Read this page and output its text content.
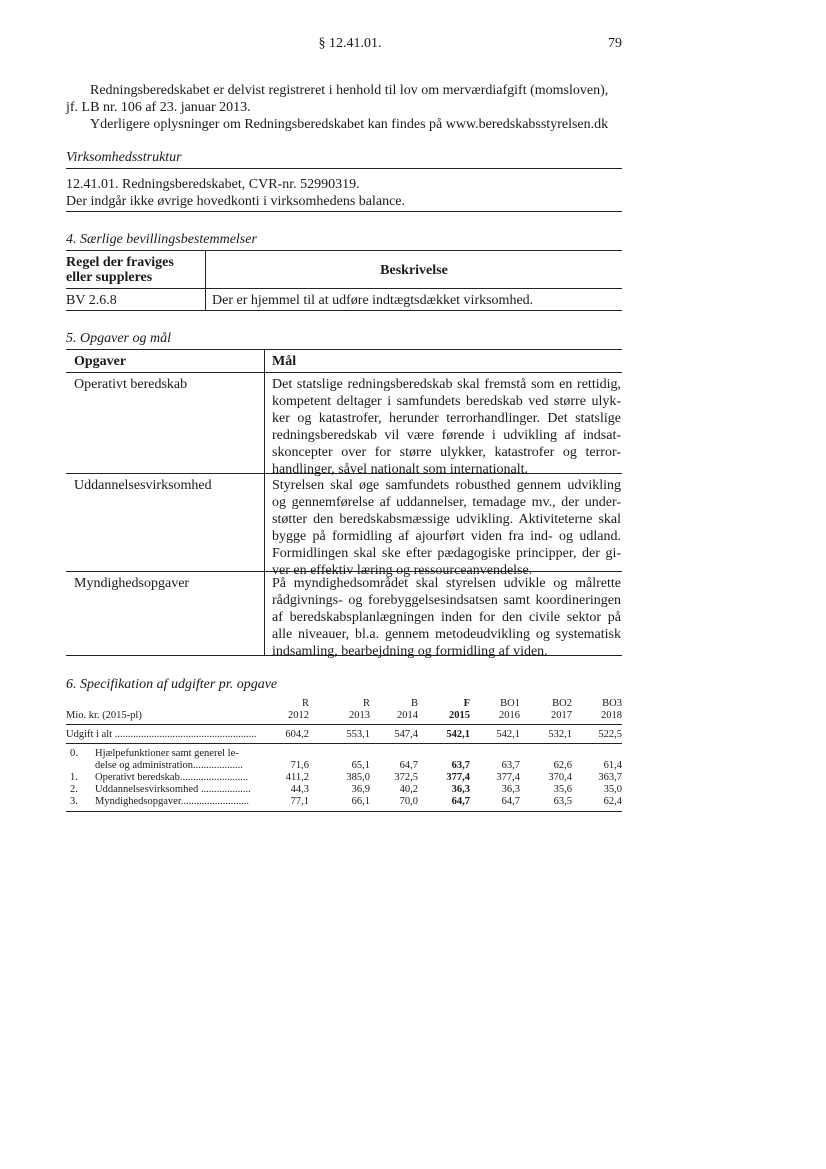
§ 12.41.01.	79
Redningsberedskabet er delvist registreret i henhold til lov om merværdiafgift (momsloven),
jf. LB nr. 106 af 23. januar 2013.
Yderligere oplysninger om Redningsberedskabet kan findes på www.beredskabsstyrelsen.dk
Virksomhedsstruktur
12.41.01. Redningsberedskabet, CVR-nr. 52990319.
Der indgår ikke øvrige hovedkonti i virksomhedens balance.
4. Særlige bevillingsbestemmelser
Regel der fraviges
eller suppleres	Beskrivelse
BV 2.6.8	Der er hjemmel til at udføre indtægtsdækket virksomhed.
5. Opgaver og mål
Opgaver	Mål
Operativt beredskab	Det statslige redningsberedskab skal fremstå som en rettidig,
kompetent deltager i samfundets beredskab ved større ulyk-
ker og katastrofer, herunder terrorhandlinger. Det statslige
redningsberedskab vil være førende i udvikling af indsat-
skoncepter over for større ulykker, katastrofer og terror-
handlinger, såvel nationalt som internationalt.
Uddannelsesvirksomhed	Styrelsen skal øge samfundets robusthed gennem udvikling
og gennemførelse af uddannelser, temadage mv., der under-
støtter den beredskabsmæssige udvikling. Aktiviteterne skal
bygge på formidling af ajourført viden fra ind- og udland.
Formidlingen skal ske efter pædagogiske principper, der gi-
ver en effektiv læring og ressourceanvendelse.
Myndighedsopgaver	På myndighedsområdet skal styrelsen udvikle og målrette
rådgivnings- og forebyggelsesindsatsen samt koordineringen
af beredskabsplanlægningen inden for den civile sektor på
alle niveauer, bl.a. gennem metodeudvikling og systematisk
indsamling, bearbejdning og formidling af viden.
6. Specifikation af udgifter pr. opgave
Mio. kr. (2015-pl)
R	R	B	F	BO1	BO2	BO3
2012	2013	2014	2015	2016	2017	2018
Udgift i alt ......................................................	604,2	553,1	547,4	542,1	542,1	532,1	522,5
0. Hjælpefunktioner samt generel le-
delse og administration...................	71,6	65,1	64,7	63,7	63,7	62,6	61,4
1. Operativt beredskab..........................	411,2	385,0	372,5	377,4	377,4	370,4	363,7
2. Uddannelsesvirksomhed ...................	44,3	36,9	40,2	36,3	36,3	35,6	35,0
3. Myndighedsopgaver..........................	77,1	66,1	70,0	64,7	64,7	63,5	62,4
